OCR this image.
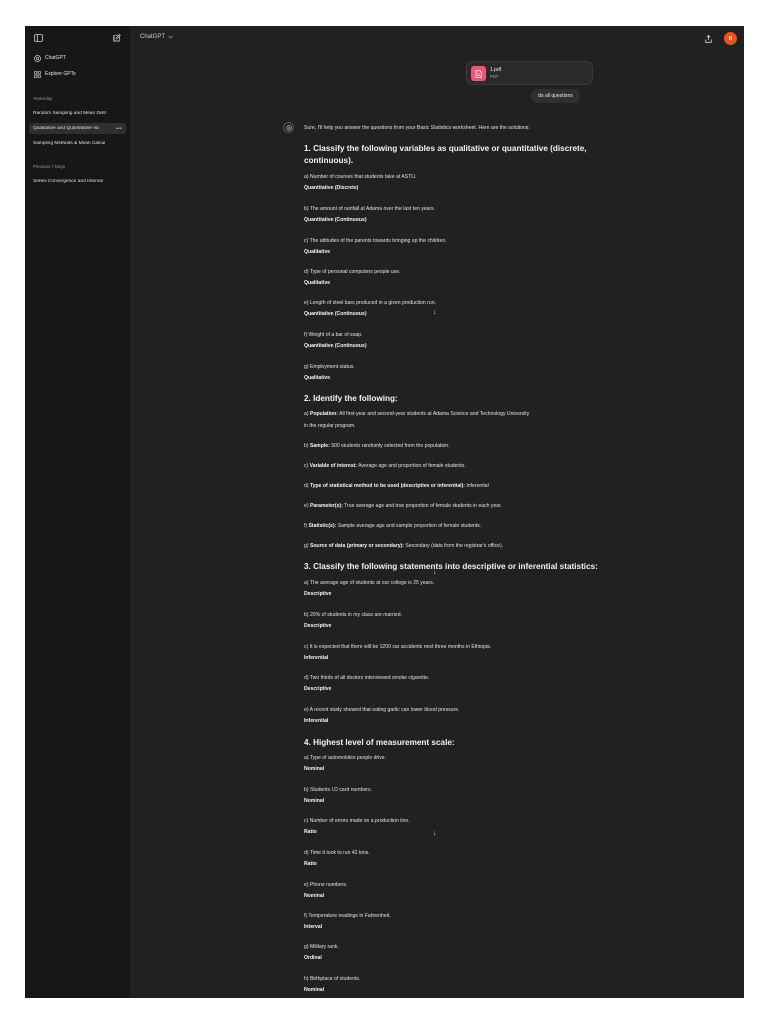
ChatGPT
Explore GPTs
Yesterday
Random Sampling and Mean Distr
Qualitative and Quantitative Va	•••
Sampling Methods & Mean Calcul
Previous 7 Days
Series Convergence and Interval
ChatGPT	B
1.pdf
PDF
do all questions
Sure, I'll help you answer the questions from your Basic Statistics worksheet. Here are the solutions:
1. Classify the following variables as qualitative or quantitative (discrete,
continuous).
a) Number of courses that students take at ASTU.
Quantitative (Discrete)
b) The amount of rainfall at Adama over the last ten years.
Quantitative (Continuous)
c) The attitudes of the parents towards bringing up the children.
Qualitative
d) Type of personal computers people use.
Qualitative
e) Length of steel bars produced in a given production run.
Quantitative (Continuous)	↓
f) Weight of a bar of soap.
Quantitative (Continuous)
g) Employment status.
Qualitative
2. Identify the following:
a) Population: All first-year and second-year students at Adama Science and Technology University
in the regular program.
b) Sample: 500 students randomly selected from the population.
c) Variable of interest: Average age and proportion of female students.
d) Type of statistical method to be used (descriptive or inferential): Inferential
e) Parameter(s): True average age and true proportion of female students in each year.
f) Statistic(s): Sample average age and sample proportion of female students.
g) Source of data (primary or secondary): Secondary (data from the registrar's office).
3. Classify the following statements into descriptive or inferential statistics:
↓
a) The average age of students at our college is 25 years.
Descriptive
b) 20% of students in my class are married.
Descriptive
c) It is expected that there will be 1200 car accidents next three months in Ethiopia.
Inferential
d) Two thirds of all doctors interviewed smoke cigarette.
Descriptive
e) A recent study showed that eating garlic can lower blood pressure.
Inferential
4. Highest level of measurement scale:
a) Type of automobiles people drive.
Nominal
b) Students I.D card numbers.
Nominal
c) Number of errors made on a production line.
Ratio	↓
d) Time it took to run 42 kms.
Ratio
e) Phone numbers.
Nominal
f) Temperature readings in Fahrenheit.
Interval
g) Military rank.
Ordinal
h) Birthplace of students.
Nominal
